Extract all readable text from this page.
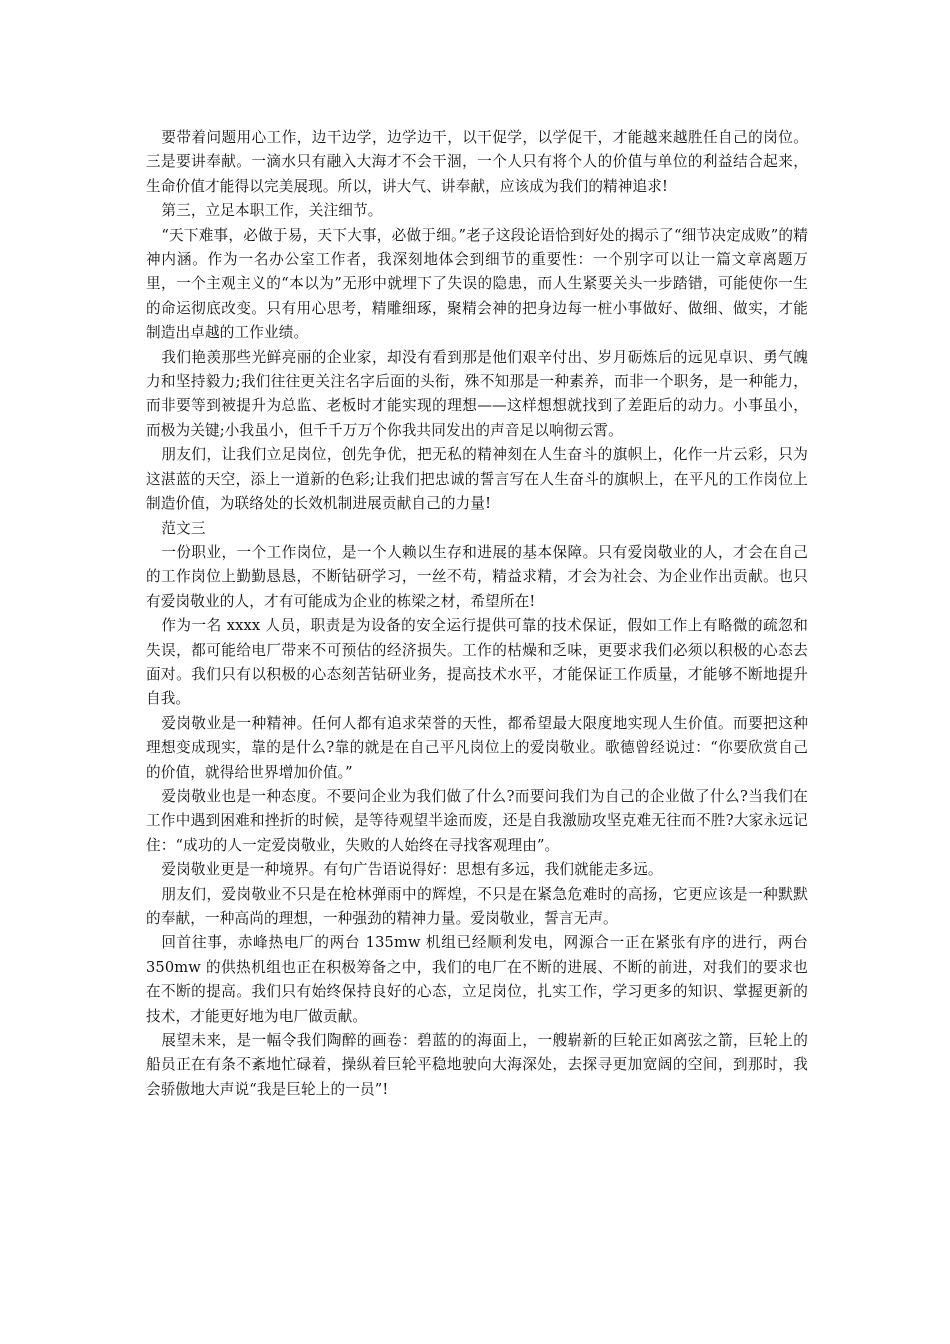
要带着问题用心工作，边干边学，边学边干，以干促学，以学促干，才能越来越胜任自己的岗位。三是要讲奉献。一滴水只有融入大海才不会干涸，一个人只有将个人的价值与单位的利益结合起来，生命价值才能得以完美展现。所以，讲大气、讲奉献，应该成为我们的精神追求!

第三，立足本职工作，关注细节。

“天下难事，必做于易，天下大事，必做于细。”老子这段论语恰到好处的揭示了“细节决定成败”的精神内涵。作为一名办公室工作者，我深刻地体会到细节的重要性：一个别字可以让一篇文章离题万里，一个主观主义的“本以为”无形中就埋下了失误的隐患，而人生紧要关头一步踏错，可能使你一生的命运彻底改变。只有用心思考，精雕细琢，聚精会神的把身边每一桩小事做好、做细、做实，才能制造出卓越的工作业绩。

我们艳羡那些光鲜亮丽的企业家，却没有看到那是他们艰辛付出、岁月砺炼后的远见卓识、勇气魄力和坚持毅力;我们往往更关注名字后面的头衔，殊不知那是一种素养，而非一个职务，是一种能力，而非要等到被提升为总监、老板时才能实现的理想——这样想想就找到了差距后的动力。小事虽小，而极为关键;小我虽小，但千千万万个你我共同发出的声音足以响彻云霄。

朋友们，让我们立足岗位，创先争优，把无私的精神刻在人生奋斗的旗帜上，化作一片云彩，只为这湛蓝的天空，添上一道新的色彩;让我们把忠诚的誓言写在人生奋斗的旗帜上，在平凡的工作岗位上制造价值，为联络处的长效机制进展贡献自己的力量!

范文三

一份职业，一个工作岗位，是一个人赖以生存和进展的基本保障。只有爱岗敬业的人，才会在自己的工作岗位上勤勤恳恳，不断钻研学习，一丝不苟，精益求精，才会为社会、为企业作出贡献。也只有爱岗敬业的人，才有可能成为企业的栋梁之材，希望所在!

作为一名 xxxx 人员，职责是为设备的安全运行提供可靠的技术保证，假如工作上有略微的疏忽和失误，都可能给电厂带来不可预估的经济损失。工作的枯燥和乏味，更要求我们必须以积极的心态去面对。我们只有以积极的心态刻苦钻研业务，提高技术水平，才能保证工作质量，才能够不断地提升自我。

爱岗敬业是一种精神。任何人都有追求荣誉的天性，都希望最大限度地实现人生价值。而要把这种理想变成现实，靠的是什么?靠的就是在自己平凡岗位上的爱岗敬业。歌德曾经说过：“你要欣赏自己的价值，就得给世界增加价值。”

爱岗敬业也是一种态度。不要问企业为我们做了什么?而要问我们为自己的企业做了什么?当我们在工作中遇到困难和挫折的时候，是等待观望半途而废，还是自我激励攻坚克难无往而不胜?大家永远记住：“成功的人一定爱岗敬业，失败的人始终在寻找客观理由”。

爱岗敬业更是一种境界。有句广告语说得好：思想有多远，我们就能走多远。

朋友们，爱岗敬业不只是在枪林弹雨中的辉煌，不只是在紧急危难时的高扬，它更应该是一种默默的奉献，一种高尚的理想，一种强劲的精神力量。爱岗敬业，誓言无声。

回首往事，赤峰热电厂的两台 135mw 机组已经顺利发电，网源合一正在紧张有序的进行，两台 350mw 的供热机组也正在积极筹备之中，我们的电厂在不断的进展、不断的前进，对我们的要求也在不断的提高。我们只有始终保持良好的心态，立足岗位，扎实工作，学习更多的知识、掌握更新的技术，才能更好地为电厂做贡献。

展望未来，是一幅令我们陶醉的画卷：碧蓝的的海面上，一艘崭新的巨轮正如离弦之箭，巨轮上的船员正在有条不紊地忙碌着，操纵着巨轮平稳地驶向大海深处，去探寻更加宽阔的空间，到那时，我会骄傲地大声说“我是巨轮上的一员”!
